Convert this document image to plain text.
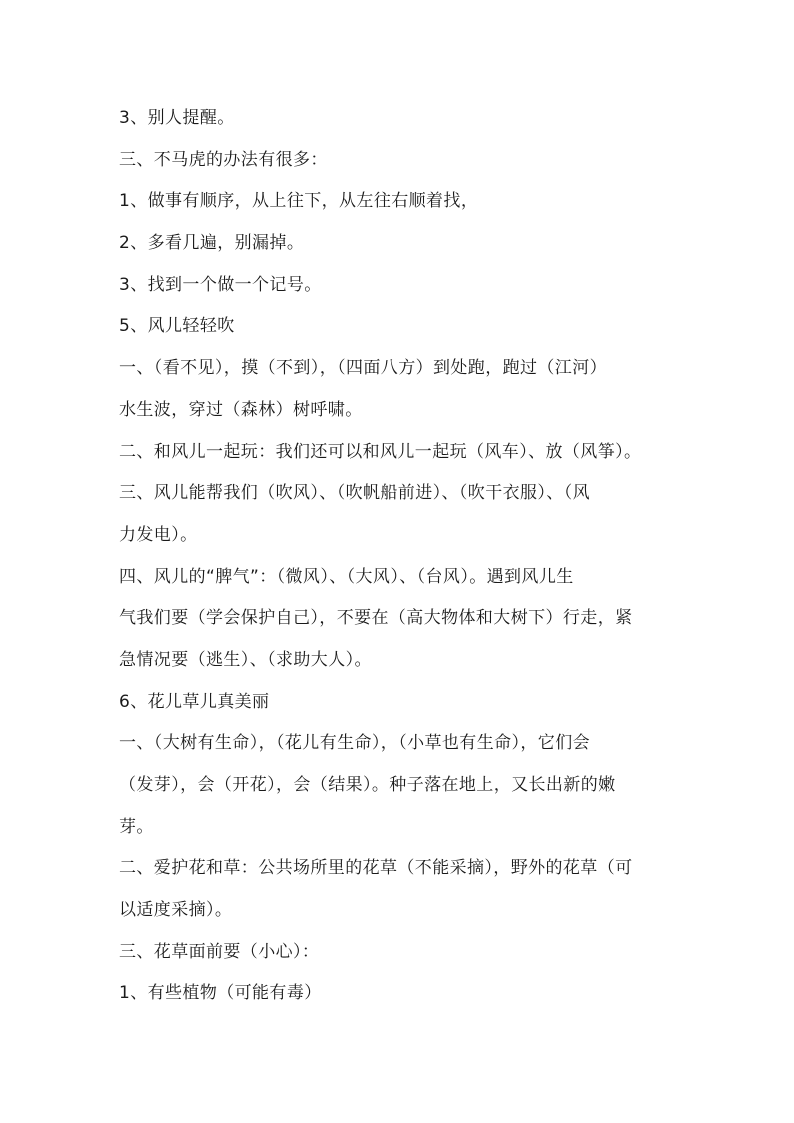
3、别人提醒。
三、不马虎的办法有很多：
1、做事有顺序，从上往下，从左往右顺着找，
2、多看几遍，别漏掉。
3、找到一个做一个记号。
5、风儿轻轻吹
一、（看不见），摸（不到），（四面八方）到处跑，跑过（江河）
水生波，穿过（森林）树呼啸。
二、和风儿一起玩：我们还可以和风儿一起玩（风车）、放（风筝）。
三、风儿能帮我们（吹风）、（吹帆船前进）、（吹干衣服）、（风
力发电）。
四、风儿的“脾气”：（微风）、（大风）、（台风）。遇到风儿生
气我们要（学会保护自己），不要在（高大物体和大树下）行走，紧
急情况要（逃生）、（求助大人）。
6、花儿草儿真美丽
一、（大树有生命），（花儿有生命），（小草也有生命），它们会
（发芽），会（开花），会（结果）。种子落在地上，又长出新的嫩
芽。
二、爱护花和草：公共场所里的花草（不能采摘），野外的花草（可
以适度采摘）。
三、花草面前要（小心）：
1、有些植物（可能有毒）
